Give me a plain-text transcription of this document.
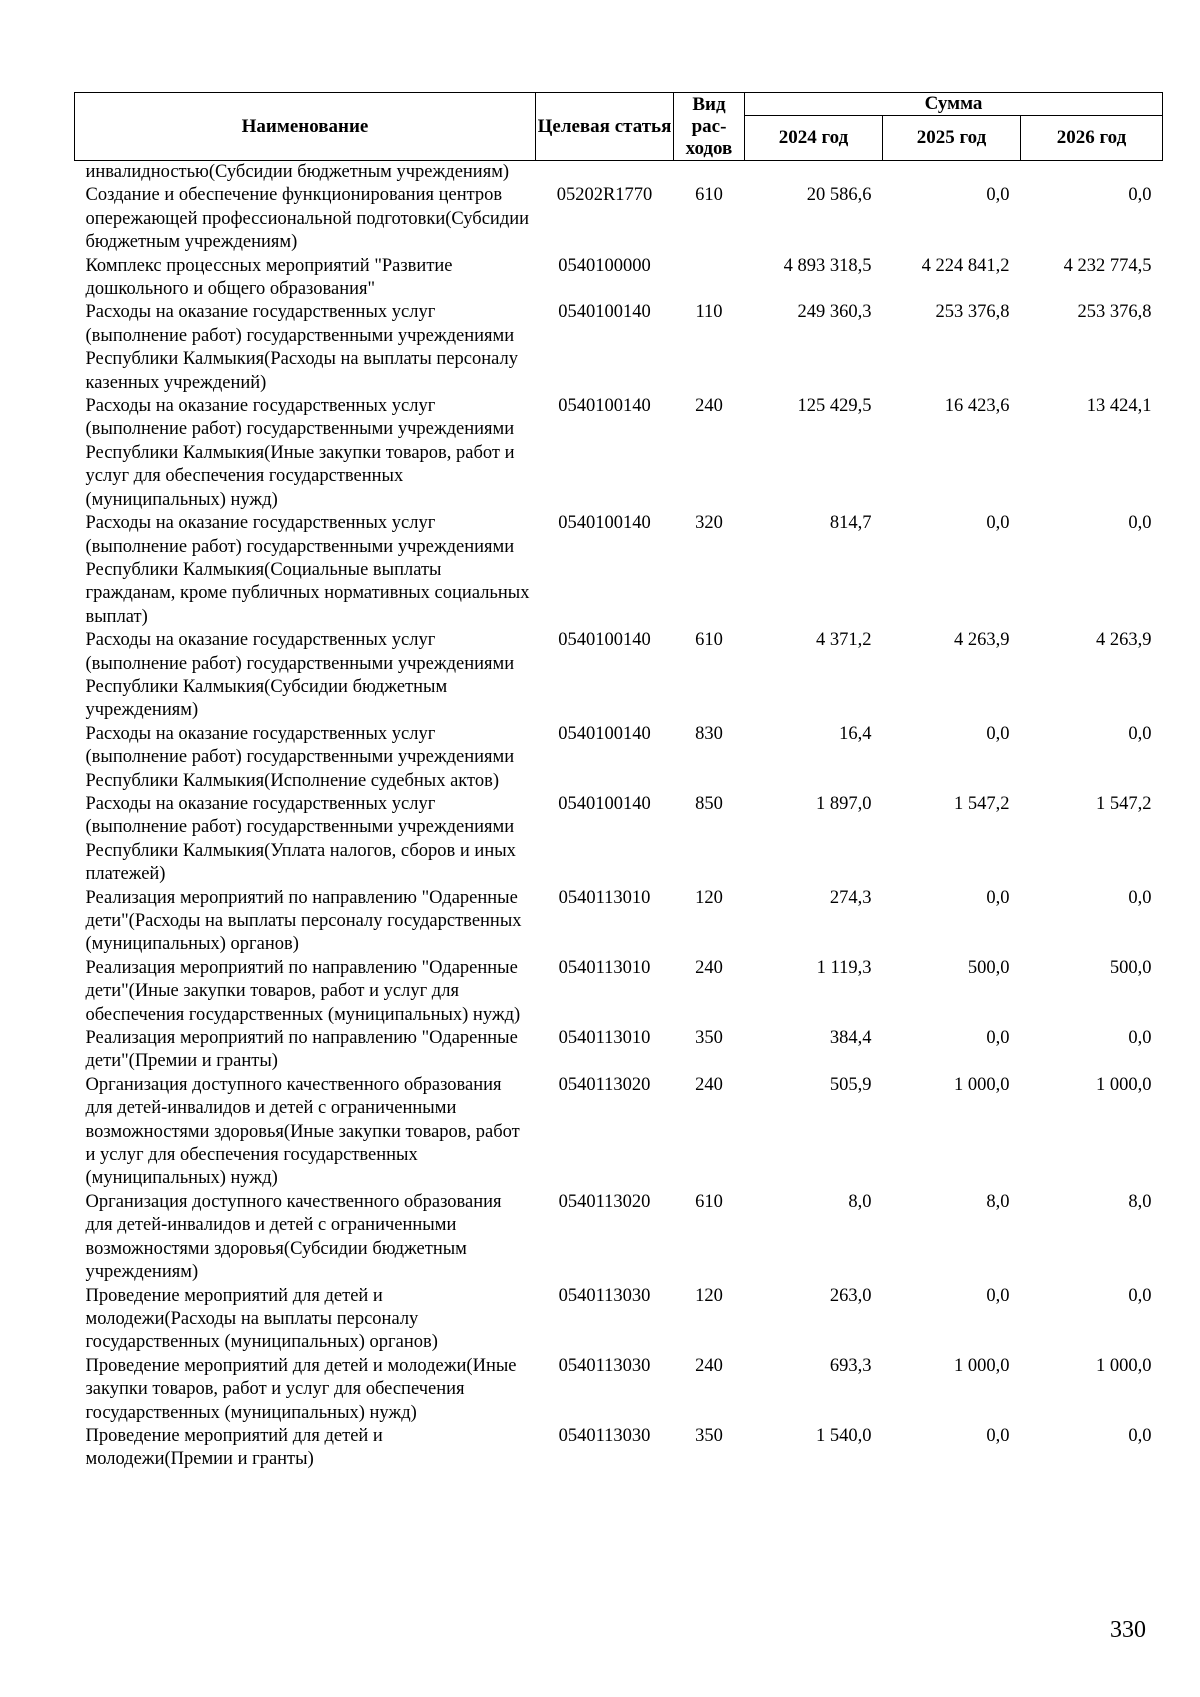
Наименование	Целевая статья	Вид рас-ходов	Сумма		
			2024 год	2025 год	2026 год
инвалидностью(Субсидии бюджетным учреждениям)					
Создание и обеспечение функционирования центров опережающей профессиональной подготовки(Субсидии бюджетным учреждениям)	05202R1770	610	20 586,6	0,0	0,0
Комплекс процессных мероприятий "Развитие дошкольного и общего образования"	0540100000		4 893 318,5	4 224 841,2	4 232 774,5
Расходы на оказание государственных услуг (выполнение работ) государственными учреждениями Республики Калмыкия(Расходы на выплаты персоналу казенных учреждений)	0540100140	110	249 360,3	253 376,8	253 376,8
Расходы на оказание государственных услуг (выполнение работ) государственными учреждениями Республики Калмыкия(Иные закупки товаров, работ и услуг для обеспечения государственных (муниципальных) нужд)	0540100140	240	125 429,5	16 423,6	13 424,1
Расходы на оказание государственных услуг (выполнение работ) государственными учреждениями Республики Калмыкия(Социальные выплаты гражданам, кроме публичных нормативных социальных выплат)	0540100140	320	814,7	0,0	0,0
Расходы на оказание государственных услуг (выполнение работ) государственными учреждениями Республики Калмыкия(Субсидии бюджетным учреждениям)	0540100140	610	4 371,2	4 263,9	4 263,9
Расходы на оказание государственных услуг (выполнение работ) государственными учреждениями Республики Калмыкия(Исполнение судебных актов)	0540100140	830	16,4	0,0	0,0
Расходы на оказание государственных услуг (выполнение работ) государственными учреждениями Республики Калмыкия(Уплата налогов, сборов и иных платежей)	0540100140	850	1 897,0	1 547,2	1 547,2
Реализация мероприятий по направлению "Одаренные дети"(Расходы на выплаты персоналу государственных (муниципальных) органов)	0540113010	120	274,3	0,0	0,0
Реализация мероприятий по направлению "Одаренные дети"(Иные закупки товаров, работ и услуг для обеспечения государственных (муниципальных) нужд)	0540113010	240	1 119,3	500,0	500,0
Реализация мероприятий по направлению "Одаренные дети"(Премии и гранты)	0540113010	350	384,4	0,0	0,0
Организация доступного качественного образования для детей-инвалидов и детей с ограниченными возможностями здоровья(Иные закупки товаров, работ и услуг для обеспечения государственных (муниципальных) нужд)	0540113020	240	505,9	1 000,0	1 000,0
Организация доступного качественного образования для детей-инвалидов и детей с ограниченными возможностями здоровья(Субсидии бюджетным учреждениям)	0540113020	610	8,0	8,0	8,0
Проведение мероприятий для детей и молодежи(Расходы на выплаты персоналу государственных (муниципальных) органов)	0540113030	120	263,0	0,0	0,0
Проведение мероприятий для детей и молодежи(Иные закупки товаров, работ и услуг для обеспечения государственных (муниципальных) нужд)	0540113030	240	693,3	1 000,0	1 000,0
Проведение мероприятий для детей и молодежи(Премии и гранты)	0540113030	350	1 540,0	0,0	0,0
330
